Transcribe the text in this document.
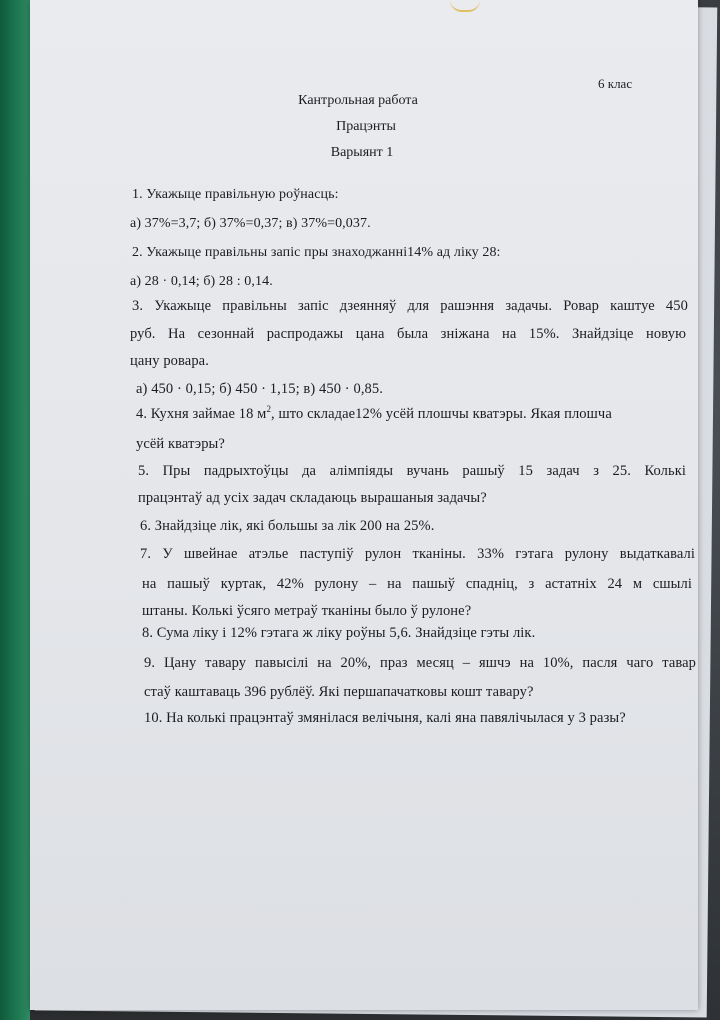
6 клас
Кантрольная работа
Працэнты
Варыянт 1
1. Укажыце правільную роўнасць:
а) 37%=3,7; б) 37%=0,37; в) 37%=0,037.
2. Укажыце правільны запіс пры знаходжанні14% ад ліку 28:
а) 28 · 0,14; б) 28 : 0,14.
3. Укажыце правільны запіс дзеянняў для рашэння задачы. Ровар каштуе 450
руб. На сезоннай распродажы цана была зніжана на 15%. Знайдзіце новую
цану ровара.
а) 450 · 0,15; б) 450 · 1,15; в) 450 · 0,85.
4. Кухня займае 18 $м^2$, што складае12% усёй плошчы кватэры. Якая плошча
усёй кватэры?
5. Пры падрыхтоўцы да алімпіяды вучань рашыў 15 задач з 25. Колькі
працэнтаў ад усіх задач складаюць вырашаныя задачы?
6. Знайдзіце лік, які большы за лік 200 на 25%.
7. У швейнае атэлье паступіў рулон тканіны. 33% гэтага рулону выдаткавалі
на пашыў куртак, 42% рулону – на пашыў спадніц, з астатніх 24 м сшылі
штаны. Колькі ўсяго метраў тканіны было ў рулоне?
8. Сума ліку і 12% гэтага ж ліку роўны 5,6. Знайдзіце гэты лік.
9. Цану тавару павысілі на 20%, праз месяц – яшчэ на 10%, пасля чаго тавар
стаў каштаваць 396 рублёў. Які першапачатковы кошт тавару?
10. На колькі працэнтаў змянілася велічыня, калі яна павялічылася у 3 разы?
